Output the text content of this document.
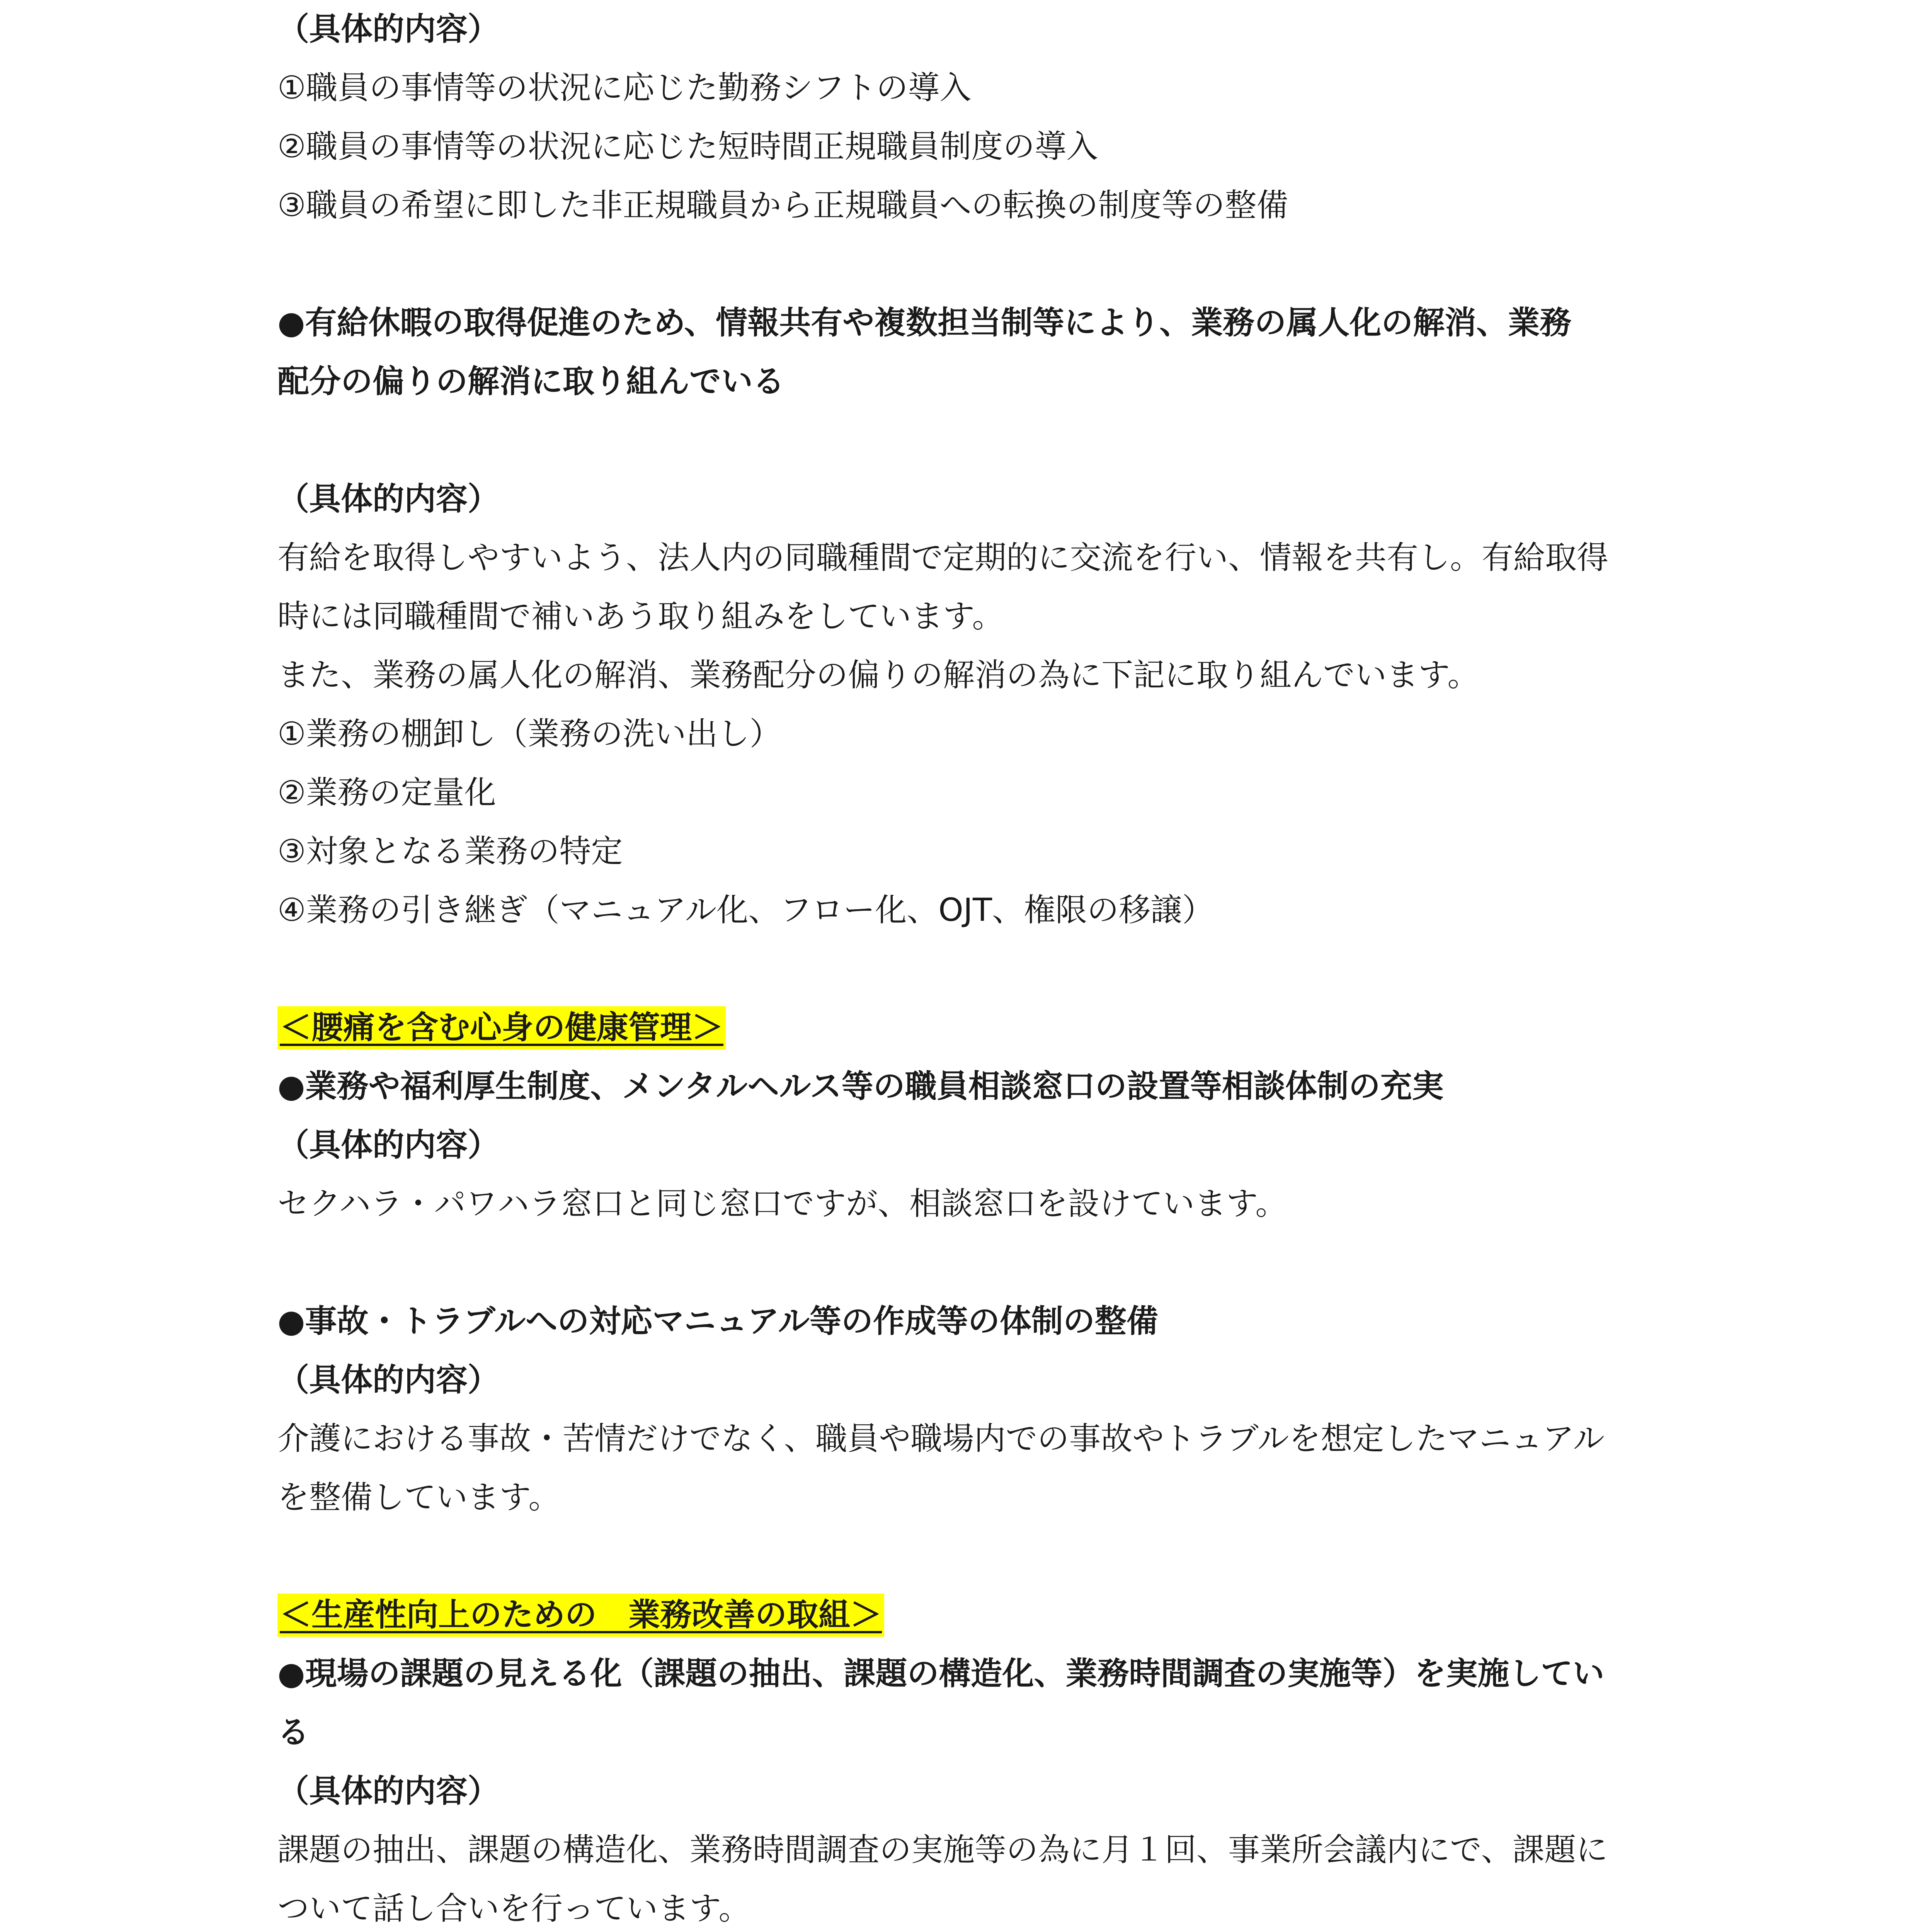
（具体的内容）
①職員の事情等の状況に応じた勤務シフトの導入
②職員の事情等の状況に応じた短時間正規職員制度の導入
③職員の希望に即した非正規職員から正規職員への転換の制度等の整備
●有給休暇の取得促進のため、情報共有や複数担当制等により、業務の属人化の解消、業務
配分の偏りの解消に取り組んでいる
（具体的内容）
有給を取得しやすいよう、法人内の同職種間で定期的に交流を行い、情報を共有し。有給取得
時には同職種間で補いあう取り組みをしています。
また、業務の属人化の解消、業務配分の偏りの解消の為に下記に取り組んでいます。
①業務の棚卸し（業務の洗い出し）
②業務の定量化
③対象となる業務の特定
④業務の引き継ぎ（マニュアル化、フロー化、OJT、権限の移譲）
＜腰痛を含む心身の健康管理＞
●業務や福利厚生制度、メンタルヘルス等の職員相談窓口の設置等相談体制の充実
（具体的内容）
セクハラ・パワハラ窓口と同じ窓口ですが、相談窓口を設けています。
●事故・トラブルへの対応マニュアル等の作成等の体制の整備
（具体的内容）
介護における事故・苦情だけでなく、職員や職場内での事故やトラブルを想定したマニュアル
を整備しています。
＜生産性向上のための　業務改善の取組＞
●現場の課題の見える化（課題の抽出、課題の構造化、業務時間調査の実施等）を実施してい
る
（具体的内容）
課題の抽出、課題の構造化、業務時間調査の実施等の為に月１回、事業所会議内にで、課題に
ついて話し合いを行っています。
